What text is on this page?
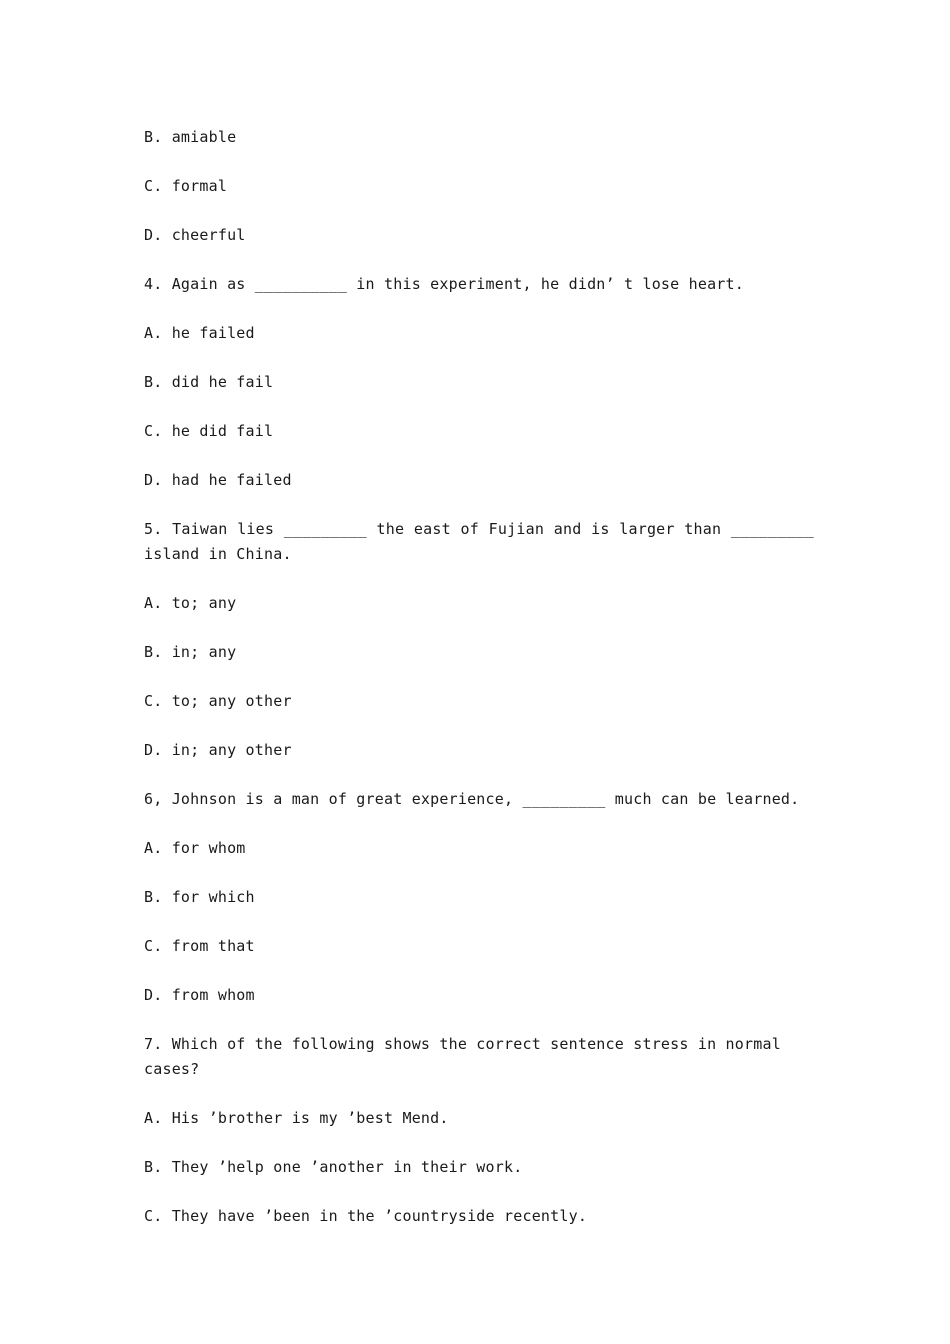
B. amiable
C. formal
D. cheerful
4. Again as __________ in this experiment, he didn’ t lose heart.
A. he failed
B. did he fail
C. he did fail
D. had he failed
5. Taiwan lies _________ the east of Fujian and is larger than _________ island in China.
A. to; any
B. in; any
C. to; any other
D. in; any other
6, Johnson is a man of great experience, _________ much can be learned.
A. for whom
B. for which
C. from that
D. from whom
7. Which of the following shows the correct sentence stress in normal cases?
A. His ’brother is my ’best Mend.
B. They ’help one ’another in their work.
C. They have ’been in the ’countryside recently.
